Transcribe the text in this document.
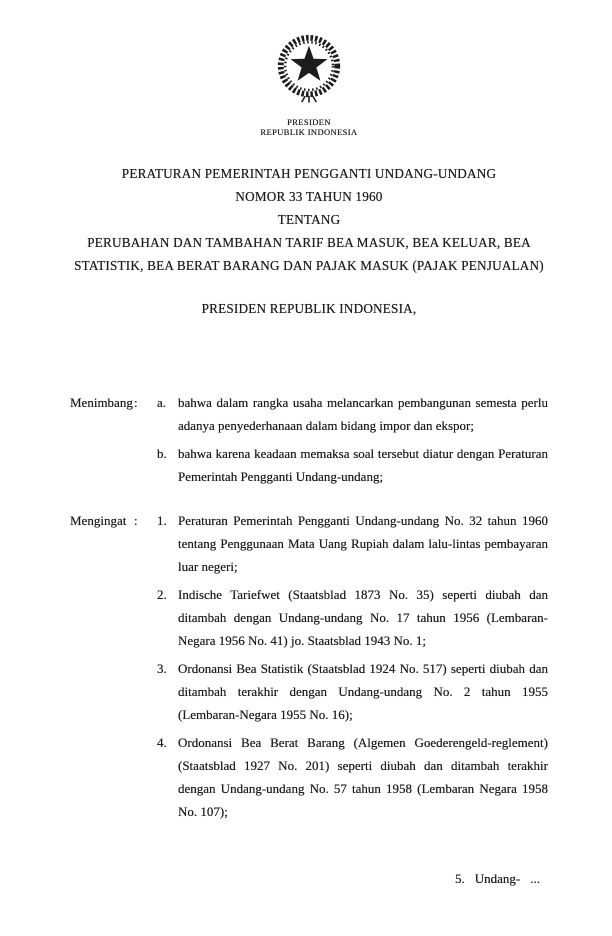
PRESIDEN
REPUBLIK INDONESIA
PERATURAN PEMERINTAH PENGGANTI UNDANG-UNDANG
NOMOR 33 TAHUN 1960
TENTANG
PERUBAHAN DAN TAMBAHAN TARIF BEA MASUK, BEA KELUAR, BEA
STATISTIK, BEA BERAT BARANG DAN PAJAK MASUK (PAJAK PENJUALAN)
PRESIDEN REPUBLIK INDONESIA,
Menimbang :	a. bahwa dalam rangka usaha melancarkan pembangunan semesta perlu adanya penyederhanaan dalam bidang impor dan ekspor;
b. bahwa karena keadaan memaksa soal tersebut diatur dengan Peraturan Pemerintah Pengganti Undang-undang;
Mengingat :	1. Peraturan Pemerintah Pengganti Undang-undang No. 32 tahun 1960 tentang Penggunaan Mata Uang Rupiah dalam lalu-lintas pembayaran luar negeri;
2. Indische Tariefwet (Staatsblad 1873 No. 35) seperti diubah dan ditambah dengan Undang-undang No. 17 tahun 1956 (Lembaran-Negara 1956 No. 41) jo. Staatsblad 1943 No. 1;
3. Ordonansi Bea Statistik (Staatsblad 1924 No. 517) seperti diubah dan ditambah terakhir dengan Undang-undang No. 2 tahun 1955 (Lembaran-Negara 1955 No. 16);
4. Ordonansi Bea Berat Barang (Algemen Goederengeld-reglement) (Staatsblad 1927 No. 201) seperti diubah dan ditambah terakhir dengan Undang-undang No. 57 tahun 1958 (Lembaran Negara 1958 No. 107);
5. Undang- ...
